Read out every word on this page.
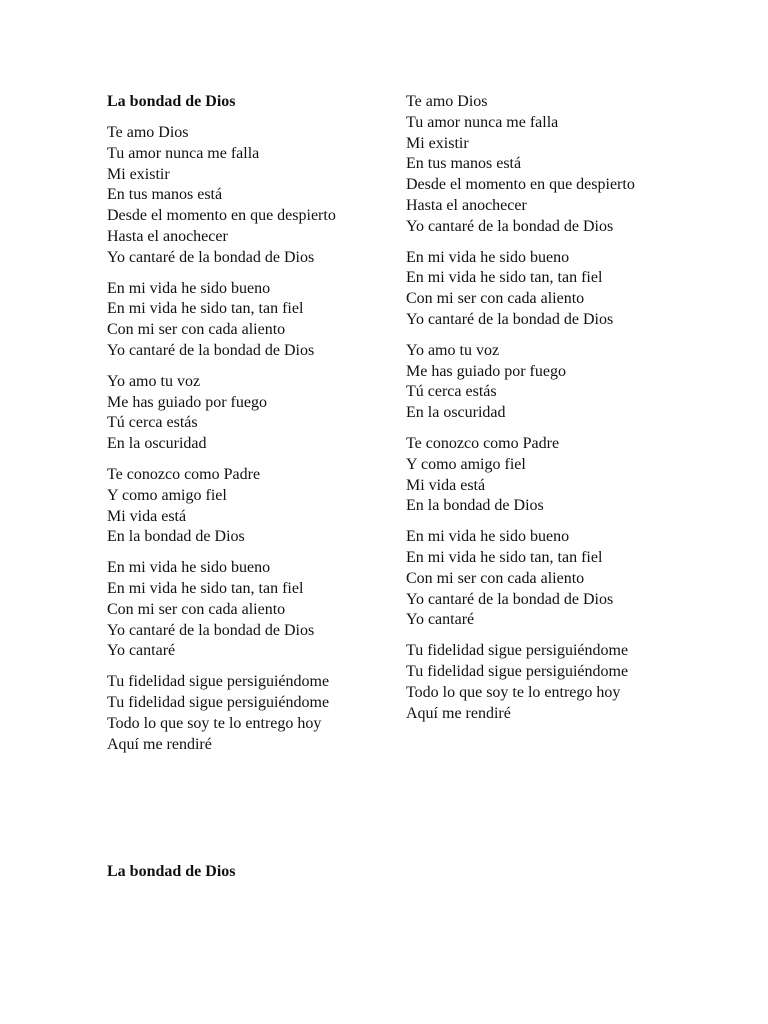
La bondad de Dios
Te amo Dios
Tu amor nunca me falla
Mi existir
En tus manos está
Desde el momento en que despierto
Hasta el anochecer
Yo cantaré de la bondad de Dios
En mi vida he sido bueno
En mi vida he sido tan, tan fiel
Con mi ser con cada aliento
Yo cantaré de la bondad de Dios
Yo amo tu voz
Me has guiado por fuego
Tú cerca estás
En la oscuridad
Te conozco como Padre
Y como amigo fiel
Mi vida está
En la bondad de Dios
En mi vida he sido bueno
En mi vida he sido tan, tan fiel
Con mi ser con cada aliento
Yo cantaré de la bondad de Dios
Yo cantaré
Tu fidelidad sigue persiguiéndome
Tu fidelidad sigue persiguiéndome
Todo lo que soy te lo entrego hoy
Aquí me rendiré
Te amo Dios
Tu amor nunca me falla
Mi existir
En tus manos está
Desde el momento en que despierto
Hasta el anochecer
Yo cantaré de la bondad de Dios
En mi vida he sido bueno
En mi vida he sido tan, tan fiel
Con mi ser con cada aliento
Yo cantaré de la bondad de Dios
Yo amo tu voz
Me has guiado por fuego
Tú cerca estás
En la oscuridad
Te conozco como Padre
Y como amigo fiel
Mi vida está
En la bondad de Dios
En mi vida he sido bueno
En mi vida he sido tan, tan fiel
Con mi ser con cada aliento
Yo cantaré de la bondad de Dios
Yo cantaré
Tu fidelidad sigue persiguiéndome
Tu fidelidad sigue persiguiéndome
Todo lo que soy te lo entrego hoy
Aquí me rendiré
La bondad de Dios
